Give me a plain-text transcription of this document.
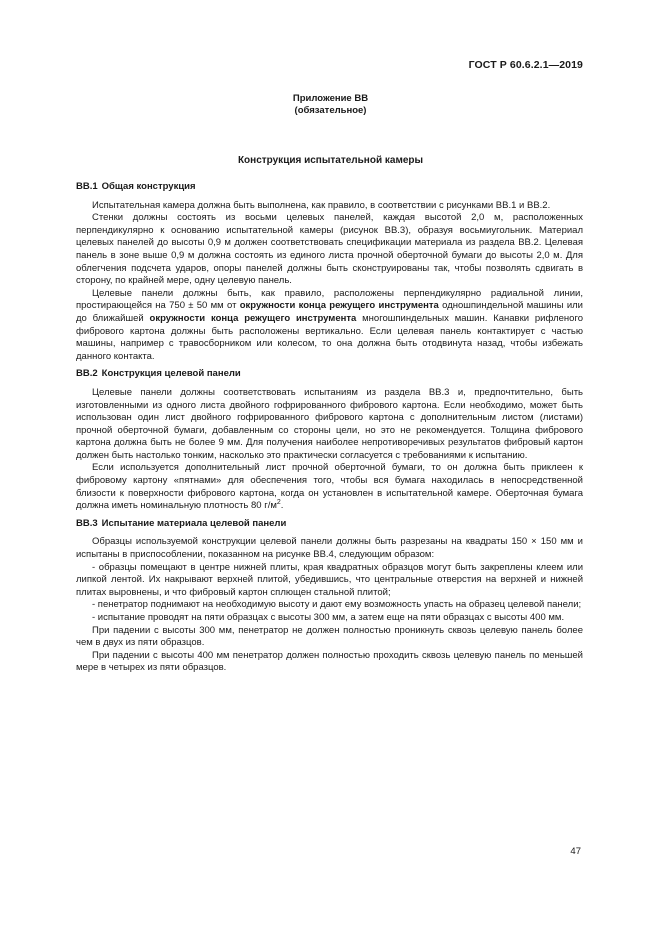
ГОСТ Р 60.6.2.1—2019
Приложение ВВ
(обязательное)
Конструкция испытательной камеры
ВВ.1 Общая конструкция

Испытательная камера должна быть выполнена, как правило, в соответствии с рисунками ВВ.1 и ВВ.2.

Стенки должны состоять из восьми целевых панелей, каждая высотой 2,0 м, расположенных перпендикулярно к основанию испытательной камеры (рисунок ВВ.3), образуя восьмиугольник. Материал целевых панелей до высоты 0,9 м должен соответствовать спецификации материала из раздела ВВ.2. Целевая панель в зоне выше 0,9 м должна состоять из единого листа прочной оберточной бумаги до высоты 2,0 м. Для облегчения подсчета ударов, опоры панелей должны быть сконструированы так, чтобы позволять сдвигать в сторону, по крайней мере, одну целевую панель.

Целевые панели должны быть, как правило, расположены перпендикулярно радиальной линии, простирающейся на 750 ± 50 мм от окружности конца режущего инструмента одношпиндельной машины или до ближайшей окружности конца режущего инструмента многошпиндельных машин. Канавки рифленого фибрового картона должны быть расположены вертикально. Если целевая панель контактирует с частью машины, например с травосборником или колесом, то она должна быть отодвинута назад, чтобы избежать данного контакта.

ВВ.2 Конструкция целевой панели

Целевые панели должны соответствовать испытаниям из раздела ВВ.3 и, предпочтительно, быть изготовленными из одного листа двойного гофрированного фибрового картона. Если необходимо, может быть использован один лист двойного гофрированного фибрового картона с дополнительным листом (листами) прочной оберточной бумаги, добавленным со стороны цели, но это не рекомендуется. Толщина фибрового картона должна быть не более 9 мм. Для получения наиболее непротиворечивых результатов фибровый картон должен быть настолько тонким, насколько это практически согласуется с требованиями к испытанию.

Если используется дополнительный лист прочной оберточной бумаги, то он должна быть приклеен к фибровому картону «пятнами» для обеспечения того, чтобы вся бумага находилась в непосредственной близости к поверхности фибрового картона, когда он установлен в испытательной камере. Оберточная бумага должна иметь номинальную плотность 80 $г/м^2$.

ВВ.3 Испытание материала целевой панели

Образцы используемой конструкции целевой панели должны быть разрезаны на квадраты 150 × 150 мм и испытаны в приспособлении, показанном на рисунке ВВ.4, следующим образом:

- образцы помещают в центре нижней плиты, края квадратных образцов могут быть закреплены клеем или липкой лентой. Их накрывают верхней плитой, убедившись, что центральные отверстия на верхней и нижней плитах выровнены, и что фибровый картон сплющен стальной плитой;

- пенетратор поднимают на необходимую высоту и дают ему возможность упасть на образец целевой панели;

- испытание проводят на пяти образцах с высоты 300 мм, а затем еще на пяти образцах с высоты 400 мм.

При падении с высоты 300 мм, пенетратор не должен полностью проникнуть сквозь целевую панель более чем в двух из пяти образцов.

При падении с высоты 400 мм пенетратор должен полностью проходить сквозь целевую панель по меньшей мере в четырех из пяти образцов.

47
